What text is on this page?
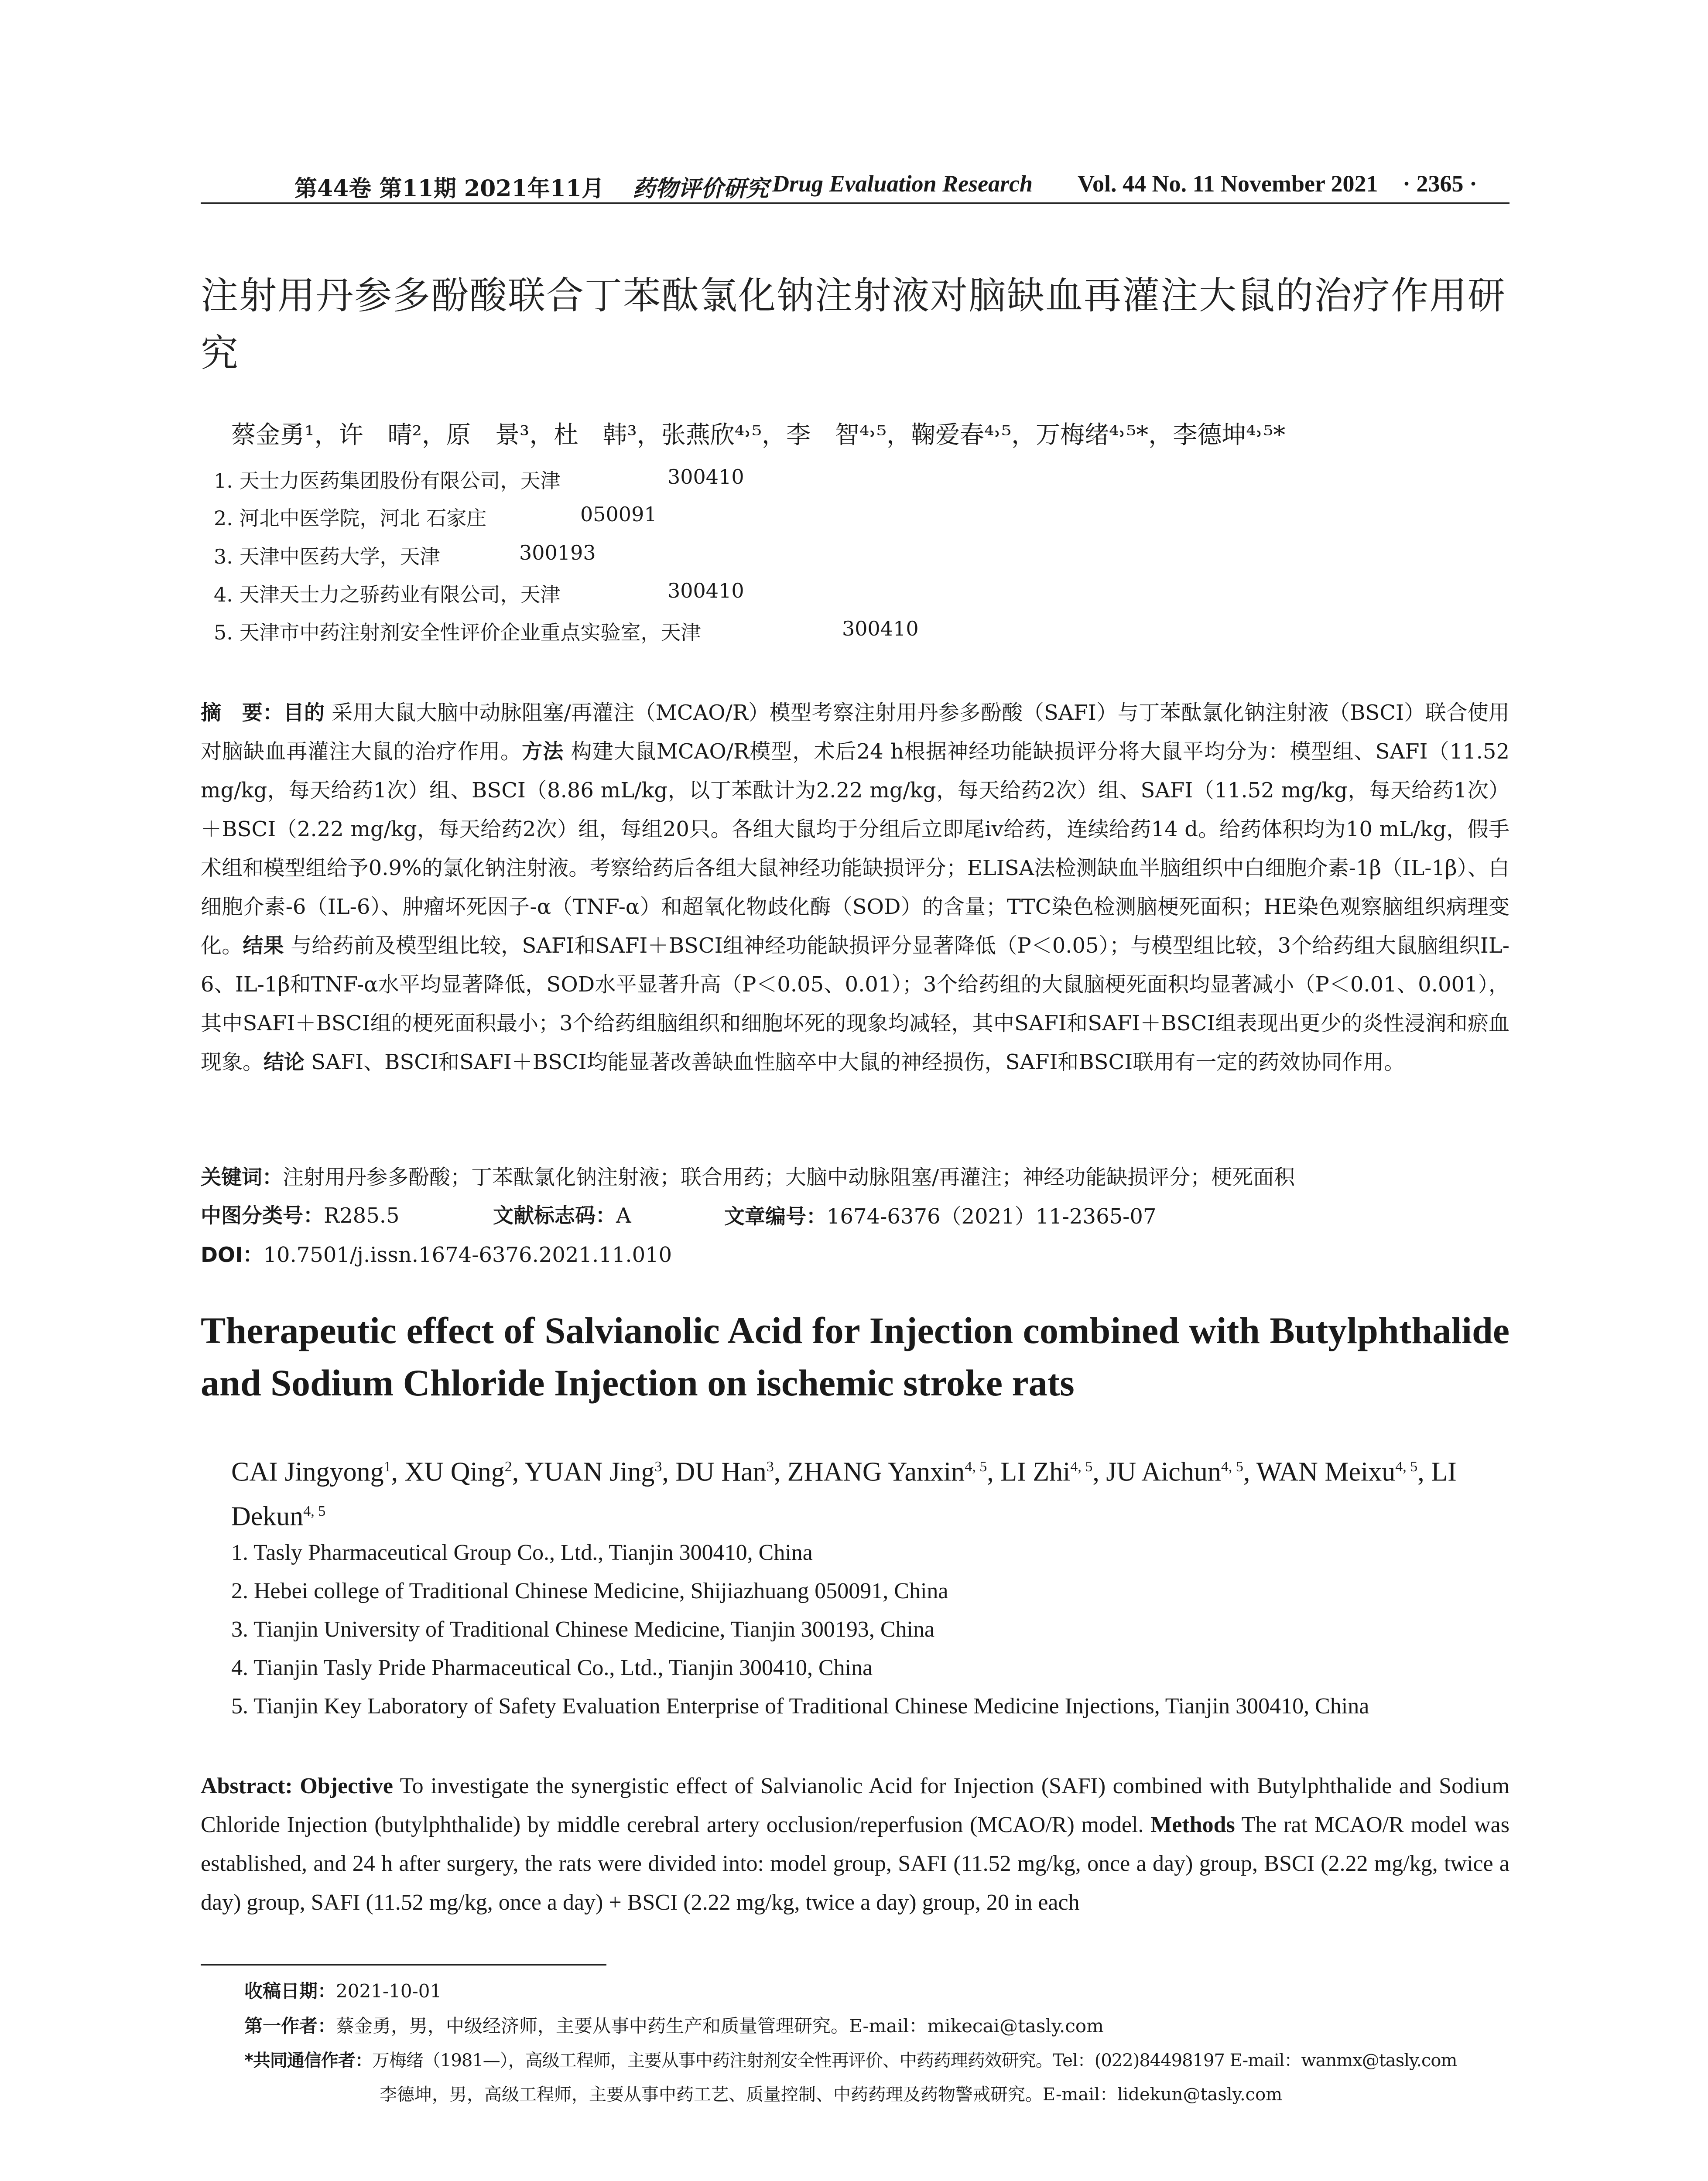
第44卷 第11期 2021年11月 药物评价研究 Drug Evaluation Research Vol. 44 No. 11 November 2021 · 2365 ·
注射用丹参多酚酸联合丁苯酞氯化钠注射液对脑缺血再灌注大鼠的治疗作用研究
蔡金勇¹，许　晴²，原　景³，杜　韩³，张燕欣⁴˒⁵，李　智⁴˒⁵，鞠爱春⁴˒⁵，万梅绪⁴˒⁵*，李德坤⁴˒⁵*
1. 天士力医药集团股份有限公司，天津	300410
2. 河北中医学院，河北 石家庄	050091
3. 天津中医药大学，天津	300193
4. 天津天士力之骄药业有限公司，天津	300410
5. 天津市中药注射剂安全性评价企业重点实验室，天津	300410
摘　要：目的 采用大鼠大脑中动脉阻塞/再灌注（MCAO/R）模型考察注射用丹参多酚酸（SAFI）与丁苯酞氯化钠注射液（BSCI）联合使用对脑缺血再灌注大鼠的治疗作用。方法 构建大鼠MCAO/R模型，术后24 h根据神经功能缺损评分将大鼠平均分为：模型组、SAFI（11.52 mg/kg，每天给药1次）组、BSCI（8.86 mL/kg，以丁苯酞计为2.22 mg/kg，每天给药2次）组、SAFI（11.52 mg/kg，每天给药1次）＋BSCI（2.22 mg/kg，每天给药2次）组，每组20只。各组大鼠均于分组后立即尾iv给药，连续给药14 d。给药体积均为10 mL/kg，假手术组和模型组给予0.9%的氯化钠注射液。考察给药后各组大鼠神经功能缺损评分；ELISA法检测缺血半脑组织中白细胞介素-1β（IL-1β）、白细胞介素-6（IL-6）、肿瘤坏死因子-α（TNF-α）和超氧化物歧化酶（SOD）的含量；TTC染色检测脑梗死面积；HE染色观察脑组织病理变化。结果 与给药前及模型组比较，SAFI和SAFI＋BSCI组神经功能缺损评分显著降低（P＜0.05）；与模型组比较，3个给药组大鼠脑组织IL-6、IL-1β和TNF-α水平均显著降低，SOD水平显著升高（P＜0.05、0.01）；3个给药组的大鼠脑梗死面积均显著减小（P＜0.01、0.001），其中SAFI＋BSCI组的梗死面积最小；3个给药组脑组织和细胞坏死的现象均减轻，其中SAFI和SAFI＋BSCI组表现出更少的炎性浸润和瘀血现象。结论 SAFI、BSCI和SAFI＋BSCI均能显著改善缺血性脑卒中大鼠的神经损伤，SAFI和BSCI联用有一定的药效协同作用。
关键词：注射用丹参多酚酸；丁苯酞氯化钠注射液；联合用药；大脑中动脉阻塞/再灌注；神经功能缺损评分；梗死面积
中图分类号：R285.5	文献标志码：A	文章编号：1674-6376（2021）11-2365-07
DOI：10.7501/j.issn.1674-6376.2021.11.010
Therapeutic effect of Salvianolic Acid for Injection combined with Butylphthalide and Sodium Chloride Injection on ischemic stroke rats
CAI Jingyong$^1$, XU Qing$^2$, YUAN Jing$^3$, DU Han$^3$, ZHANG Yanxin$^{4, 5}$, LI Zhi$^{4, 5}$, JU Aichun$^{4, 5}$, WAN Meixu$^{4, 5}$, LI Dekun$^{4, 5}$
1. Tasly Pharmaceutical Group Co., Ltd., Tianjin 300410, China
2. Hebei college of Traditional Chinese Medicine, Shijiazhuang 050091, China
3. Tianjin University of Traditional Chinese Medicine, Tianjin 300193, China
4. Tianjin Tasly Pride Pharmaceutical Co., Ltd., Tianjin 300410, China
5. Tianjin Key Laboratory of Safety Evaluation Enterprise of Traditional Chinese Medicine Injections, Tianjin 300410, China
Abstract: Objective To investigate the synergistic effect of Salvianolic Acid for Injection (SAFI) combined with Butylphthalide and Sodium Chloride Injection (butylphthalide) by middle cerebral artery occlusion/reperfusion (MCAO/R) model. Methods The rat MCAO/R model was established, and 24 h after surgery, the rats were divided into: model group, SAFI (11.52 mg/kg, once a day) group, BSCI (2.22 mg/kg, twice a day) group, SAFI (11.52 mg/kg, once a day) + BSCI (2.22 mg/kg, twice a day) group, 20 in each
收稿日期：2021-10-01
第一作者：蔡金勇，男，中级经济师，主要从事中药生产和质量管理研究。E-mail：mikecai@tasly.com
*共同通信作者：万梅绪（1981—），高级工程师，主要从事中药注射剂安全性再评价、中药药理药效研究。Tel：(022)84498197 E-mail：wanmx@tasly.com
李德坤，男，高级工程师，主要从事中药工艺、质量控制、中药药理及药物警戒研究。E-mail：lidekun@tasly.com
